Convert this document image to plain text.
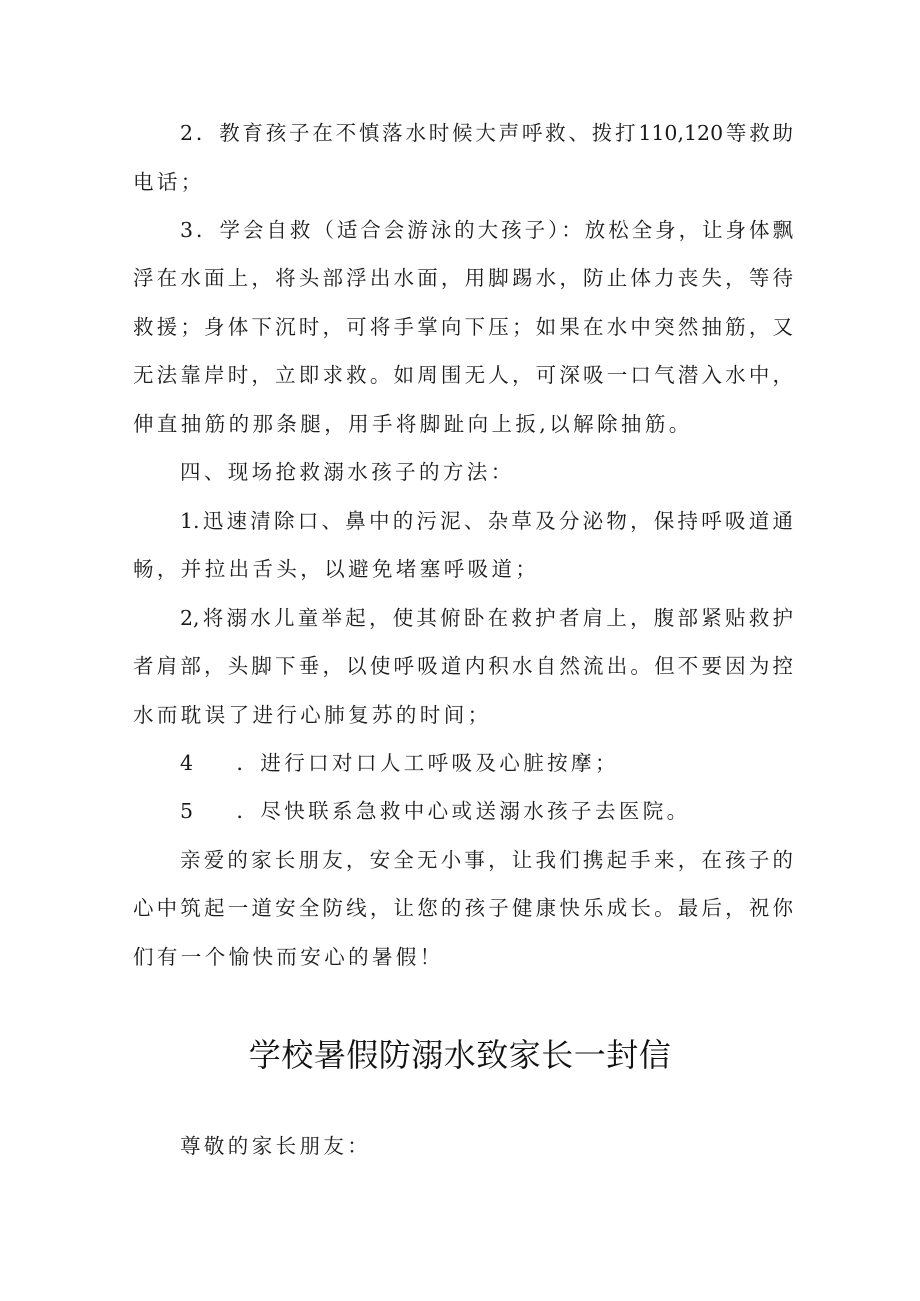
2．教育孩子在不慎落水时候大声呼救、拨打110,120等救助
电话；
3．学会自救（适合会游泳的大孩子）：放松全身，让身体飘
浮在水面上，将头部浮出水面，用脚踢水，防止体力丧失，等待
救援；身体下沉时，可将手掌向下压；如果在水中突然抽筋，又
无法靠岸时，立即求救。如周围无人，可深吸一口气潜入水中，
伸直抽筋的那条腿，用手将脚趾向上扳,以解除抽筋。
四、现场抢救溺水孩子的方法：
1.迅速清除口、鼻中的污泥、杂草及分泌物，保持呼吸道通
畅，并拉出舌头，以避免堵塞呼吸道；
2,将溺水儿童举起，使其俯卧在救护者肩上，腹部紧贴救护
者肩部，头脚下垂，以使呼吸道内积水自然流出。但不要因为控
水而耽误了进行心肺复苏的时间；
4 ．进行口对口人工呼吸及心脏按摩；
5 ．尽快联系急救中心或送溺水孩子去医院。
亲爱的家长朋友，安全无小事，让我们携起手来，在孩子的
心中筑起一道安全防线，让您的孩子健康快乐成长。最后，祝你
们有一个愉快而安心的暑假！
学校暑假防溺水致家长一封信
尊敬的家长朋友：
